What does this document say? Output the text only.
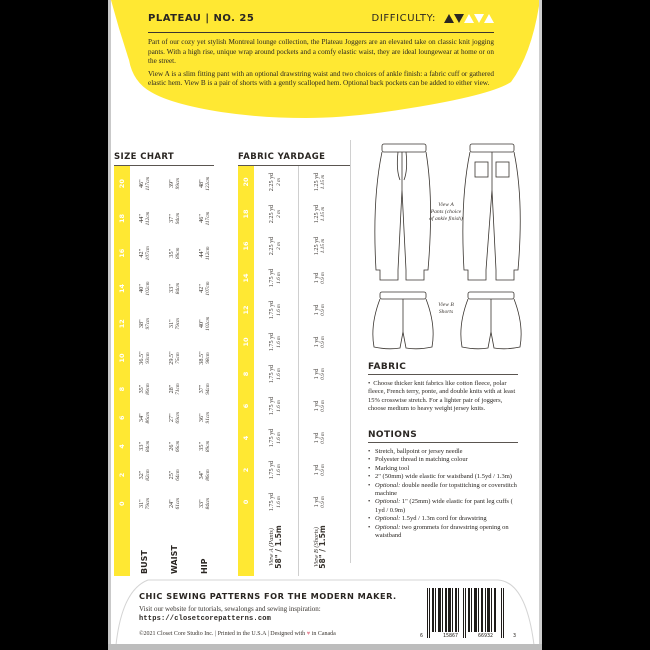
PLATEAU | NO. 25	DIFFICULTY:

Part of our cozy yet stylish Montreal lounge collection, the Plateau Joggers are an elevated take on classic knit jogging pants. With a high rise, unique wrap around pockets and a comfy elastic waist, they are ideal loungewear at home or on the street.

View A is a slim fitting pant with an optional drawstring waist and two choices of ankle finish: a fabric cuff or gathered elastic hem. View B is a pair of shorts with a gently scalloped hem. Optional back pockets can be added to either view.

SIZE CHART	FABRIC YARDAGE
	0	2	4	6	8	10	12	14	16	18	20
BUST	31" 79cm	32" 82cm	33" 84cm	34" 86cm	35" 89cm	36.5" 93cm	38" 97cm	40" 102cm	42" 107cm	44" 112cm	46" 117cm

WAIST	24" 61cm	25" 64cm	26" 66cm	27" 69cm	28" 71cm	29.5" 75cm	31" 79cm	33" 84cm	35" 89cm	37" 94cm	39" 99cm

HIP	33" 84cm	34" 86cm	35" 89cm	36" 91cm	37" 94cm	38.5" 98cm	40" 102cm	42" 107cm	44" 112cm	46" 117cm	48" 122cm
	0	2	4	6	8	10	12	14	16	18	20

View A (Pants)
58" / 1.5m	1.75 yd 1.6 m	1.75 yd 1.6 m	1.75 yd 1.6 m	1.75 yd 1.6 m	1.75 yd 1.6 m	1.75 yd 1.6 m	1.75 yd 1.6 m	1.75 yd 1.6 m	2.25 yd 2 m	2.25 yd 2 m	2.25 yd 2 m

View B (Shorts)
58" / 1.5m	1 yd 0.9 m	1 yd 0.9 m	1 yd 0.9 m	1 yd 0.9 m	1 yd 0.9 m	1 yd 0.9 m	1 yd 0.9 m	1 yd 0.9 m	1.25 yd 1.15 m	1.25 yd 1.15 m	1.25 yd 1.15 m
View A
Pants (choice
of ankle finish)
View B
Shorts
FABRIC
• Choose thicker knit fabrics like cotton fleece, polar fleece, French terry, ponte, and double knits with at least 15% crosswise stretch. For a lighter pair of joggers, choose medium to heavy weight jersey knits.
NOTIONS
• Stretch, ballpoint or jersey needle
• Polyester thread in matching colour
• Marking tool
• 2" (50mm) wide elastic for waistband (1.5yd / 1.3m)
• Optional: double needle for topstitching or coverstitch machine
• Optional: 1" (25mm) wide elastic for pant leg cuffs ( 1yd / 0.9m)
• Optional: 1.5yd / 1.3m cord for drawstring
• Optional: two grommets for drawstring opening on waistband
CHIC SEWING PATTERNS FOR THE MODERN MAKER.
Visit our website for tutorials, sewalongs and sewing inspiration:
https://closetcorepatterns.com
©2021 Closet Core Studio Inc. | Printed in the U.S.A | Designed with ♥ in Canada	6	15867	66932	3
